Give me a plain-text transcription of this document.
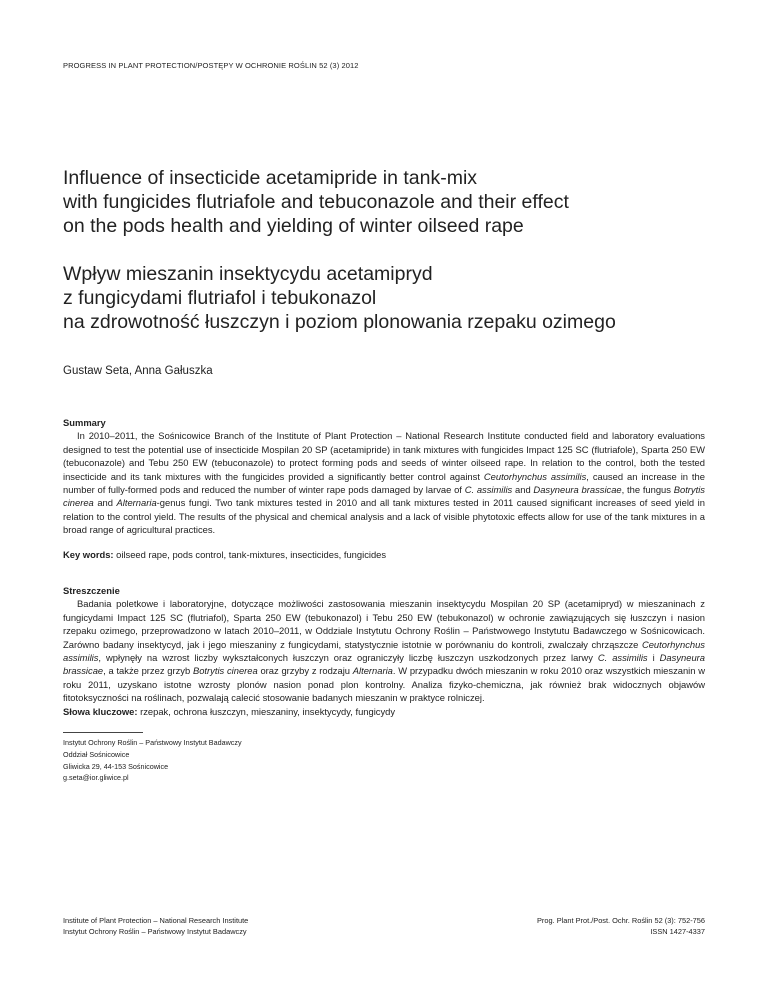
PROGRESS IN PLANT PROTECTION/POSTĘPY W OCHRONIE ROŚLIN 52 (3) 2012
Influence of insecticide acetamipride in tank-mix
with fungicides flutriafole and tebuconazole and their effect
on the pods health and yielding of winter oilseed rape
Wpływ mieszanin insektycydu acetamipryd
z fungicydami flutriafol i tebukonazol
na zdrowotność łuszczyn i poziom plonowania rzepaku ozimego
Gustaw Seta, Anna Gałuszka
Summary

In 2010–2011, the Sośnicowice Branch of the Institute of Plant Protection – National Research Institute conducted field and laboratory evaluations designed to test the potential use of insecticide Mospilan 20 SP (acetamipride) in tank mixtures with fungicides Impact 125 SC (flutriafole), Sparta 250 EW (tebuconazole) and Tebu 250 EW (tebuconazole) to protect forming pods and seeds of winter oilseed rape. In relation to the control, both the tested insecticide and its tank mixtures with the fungicides provided a significantly better control against Ceutorhynchus assimilis, caused an increase in the number of fully-formed pods and reduced the number of winter rape pods damaged by larvae of C. assimilis and Dasyneura brassicae, the fungus Botrytis cinerea and Alternaria-genus fungi. Two tank mixtures tested in 2010 and all tank mixtures tested in 2011 caused significant increases of seed yield in relation to the control yield. The results of the physical and chemical analysis and a lack of visible phytotoxic effects allow for use of the tank mixtures in a broad range of agricultural practices.

Key words: oilseed rape, pods control, tank-mixtures, insecticides, fungicides
Streszczenie

Badania poletkowe i laboratoryjne, dotyczące możliwości zastosowania mieszanin insektycydu Mospilan 20 SP (acetamipryd) w mieszaninach z fungicydami Impact 125 SC (flutriafol), Sparta 250 EW (tebukonazol) i Tebu 250 EW (tebukonazol) w ochronie zawiązujących się łuszczyn i nasion rzepaku ozimego, przeprowadzono w latach 2010–2011, w Oddziale Instytutu Ochrony Roślin – Państwowego Instytutu Badawczego w Sośnicowicach. Zarówno badany insektycyd, jak i jego mieszaniny z fungicydami, statystycznie istotnie w porównaniu do kontroli, zwalczały chrząszcze Ceutorhynchus assimilis, wpłynęły na wzrost liczby wykształconych łuszczyn oraz ograniczyły liczbę łuszczyn uszkodzonych przez larwy C. assimilis i Dasyneura brassicae, a także przez grzyb Botrytis cinerea oraz grzyby z rodzaju Alternaria. W przypadku dwóch mieszanin w roku 2010 oraz wszystkich mieszanin w roku 2011, uzyskano istotne wzrosty plonów nasion ponad plon kontrolny. Analiza fizyko-chemiczna, jak również brak widocznych objawów fitotoksyczności na roślinach, pozwalają calecić stosowanie badanych mieszanin w praktyce rolniczej.

Słowa kluczowe: rzepak, ochrona łuszczyn, mieszaniny, insektycydy, fungicydy
Instytut Ochrony Roślin – Państwowy Instytut Badawczy
Oddział Sośnicowice
Gliwicka 29, 44-153 Sośnicowice
g.seta@ior.gliwice.pl
Institute of Plant Protection – National Research Institute
Instytut Ochrony Roślin – Państwowy Instytut Badawczy
Prog. Plant Prot./Post. Ochr. Roślin 52 (3): 752-756
ISSN 1427-4337
